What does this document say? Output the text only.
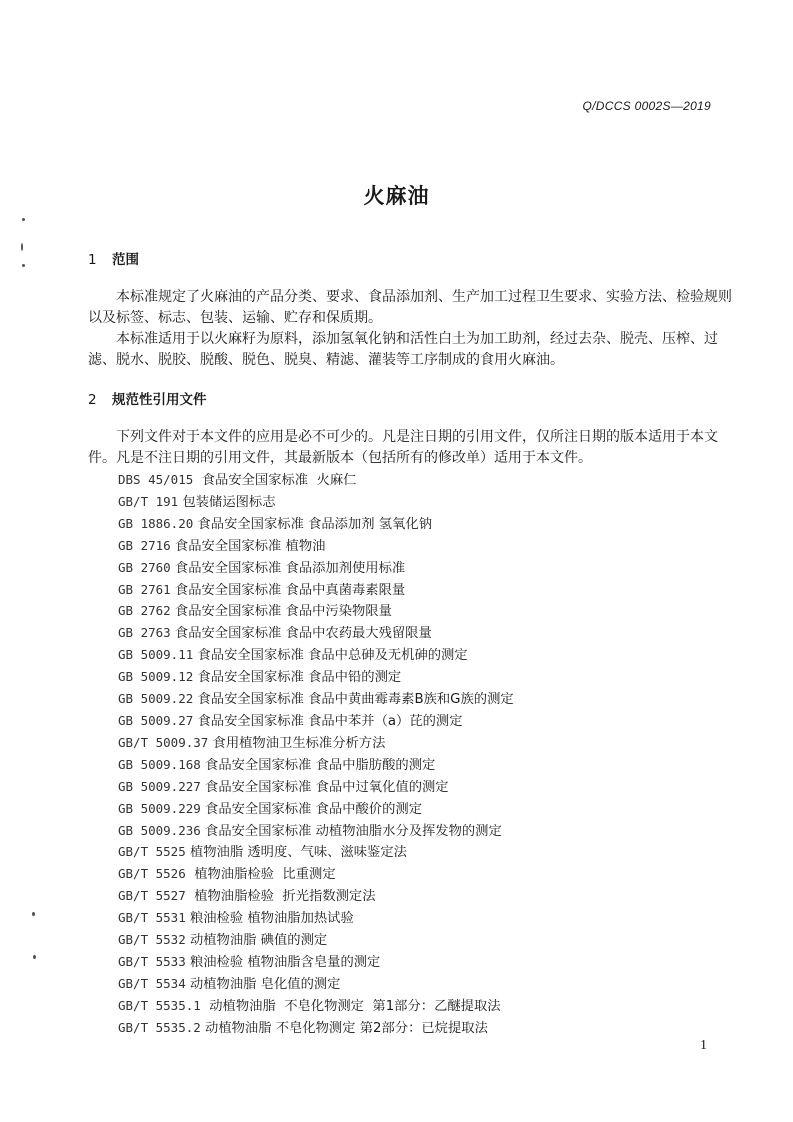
Q/DCCS 0002S—2019
火麻油
1 范围
本标准规定了火麻油的产品分类、要求、食品添加剂、生产加工过程卫生要求、实验方法、检验规则
以及标签、标志、包装、运输、贮存和保质期。
本标准适用于以火麻籽为原料，添加氢氧化钠和活性白土为加工助剂，经过去杂、脱壳、压榨、过
滤、脱水、脱胶、脱酸、脱色、脱臭、精滤、灌装等工序制成的食用火麻油。
2 规范性引用文件
下列文件对于本文件的应用是必不可少的。凡是注日期的引用文件，仅所注日期的版本适用于本文
件。凡是不注日期的引用文件，其最新版本（包括所有的修改单）适用于本文件。
DBS 45/015  食品安全国家标准  火麻仁
GB/T 191 包装储运图标志
GB 1886.20 食品安全国家标准 食品添加剂 氢氧化钠
GB 2716 食品安全国家标准 植物油
GB 2760 食品安全国家标准 食品添加剂使用标准
GB 2761 食品安全国家标准 食品中真菌毒素限量
GB 2762 食品安全国家标准 食品中污染物限量
GB 2763 食品安全国家标准 食品中农药最大残留限量
GB 5009.11 食品安全国家标准 食品中总砷及无机砷的测定
GB 5009.12 食品安全国家标准 食品中铅的测定
GB 5009.22 食品安全国家标准 食品中黄曲霉毒素B族和G族的测定
GB 5009.27 食品安全国家标准 食品中苯并（a）芘的测定
GB/T 5009.37 食用植物油卫生标准分析方法
GB 5009.168 食品安全国家标准 食品中脂肪酸的测定
GB 5009.227 食品安全国家标准 食品中过氧化值的测定
GB 5009.229 食品安全国家标准 食品中酸价的测定
GB 5009.236 食品安全国家标准 动植物油脂水分及挥发物的测定
GB/T 5525 植物油脂 透明度、气味、滋味鉴定法
GB/T 5526  植物油脂检验  比重测定
GB/T 5527  植物油脂检验  折光指数测定法
GB/T 5531 粮油检验 植物油脂加热试验
GB/T 5532 动植物油脂 碘值的测定
GB/T 5533 粮油检验 植物油脂含皂量的测定
GB/T 5534 动植物油脂 皂化值的测定
GB/T 5535.1  动植物油脂  不皂化物测定  第1部分：乙醚提取法
GB/T 5535.2 动植物油脂 不皂化物测定 第2部分：已烷提取法
1
